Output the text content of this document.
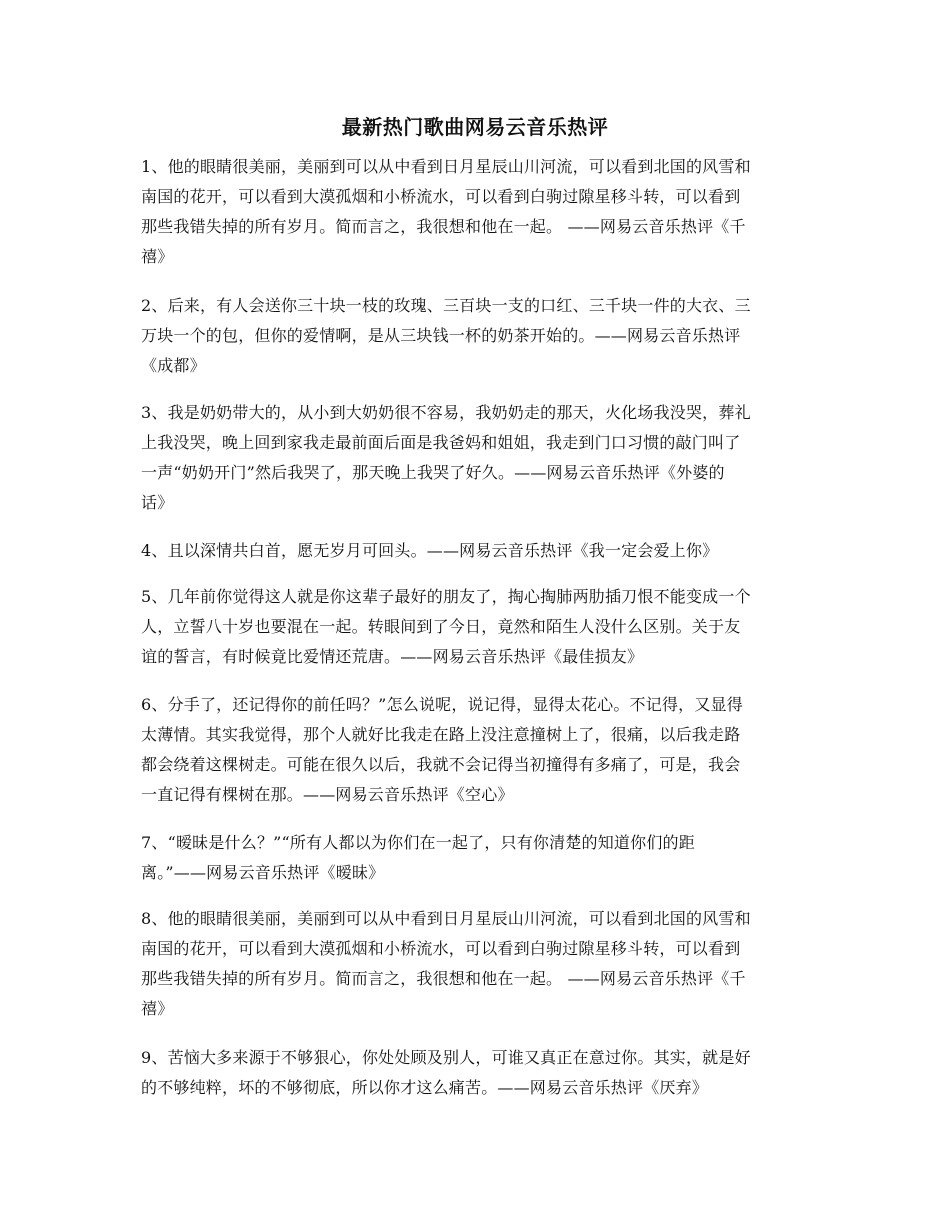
最新热门歌曲网易云音乐热评
1、他的眼睛很美丽，美丽到可以从中看到日月星辰山川河流，可以看到北国的风雪和
南国的花开，可以看到大漠孤烟和小桥流水，可以看到白驹过隙星移斗转，可以看到
那些我错失掉的所有岁月。简而言之，我很想和他在一起。 ——网易云音乐热评《千
禧》
2、后来，有人会送你三十块一枝的玫瑰、三百块一支的口红、三千块一件的大衣、三
万块一个的包，但你的爱情啊，是从三块钱一杯的奶茶开始的。——网易云音乐热评
《成都》
3、我是奶奶带大的，从小到大奶奶很不容易，我奶奶走的那天，火化场我没哭，葬礼
上我没哭，晚上回到家我走最前面后面是我爸妈和姐姐，我走到门口习惯的敲门叫了
一声“奶奶开门”然后我哭了，那天晚上我哭了好久。——网易云音乐热评《外婆的
话》
4、且以深情共白首，愿无岁月可回头。——网易云音乐热评《我一定会爱上你》
5、几年前你觉得这人就是你这辈子最好的朋友了，掏心掏肺两肋插刀恨不能变成一个
人，立誓八十岁也要混在一起。转眼间到了今日，竟然和陌生人没什么区别。关于友
谊的誓言，有时候竟比爱情还荒唐。——网易云音乐热评《最佳损友》
6、分手了，还记得你的前任吗？”怎么说呢，说记得，显得太花心。不记得，又显得
太薄情。其实我觉得，那个人就好比我走在路上没注意撞树上了，很痛，以后我走路
都会绕着这棵树走。可能在很久以后，我就不会记得当初撞得有多痛了，可是，我会
一直记得有棵树在那。——网易云音乐热评《空心》
7、“暧昧是什么？”“所有人都以为你们在一起了，只有你清楚的知道你们的距
离。”——网易云音乐热评《暧昧》
8、他的眼睛很美丽，美丽到可以从中看到日月星辰山川河流，可以看到北国的风雪和
南国的花开，可以看到大漠孤烟和小桥流水，可以看到白驹过隙星移斗转，可以看到
那些我错失掉的所有岁月。简而言之，我很想和他在一起。 ——网易云音乐热评《千
禧》
9、苦恼大多来源于不够狠心，你处处顾及别人，可谁又真正在意过你。其实，就是好
的不够纯粹，坏的不够彻底，所以你才这么痛苦。——网易云音乐热评《厌弃》
